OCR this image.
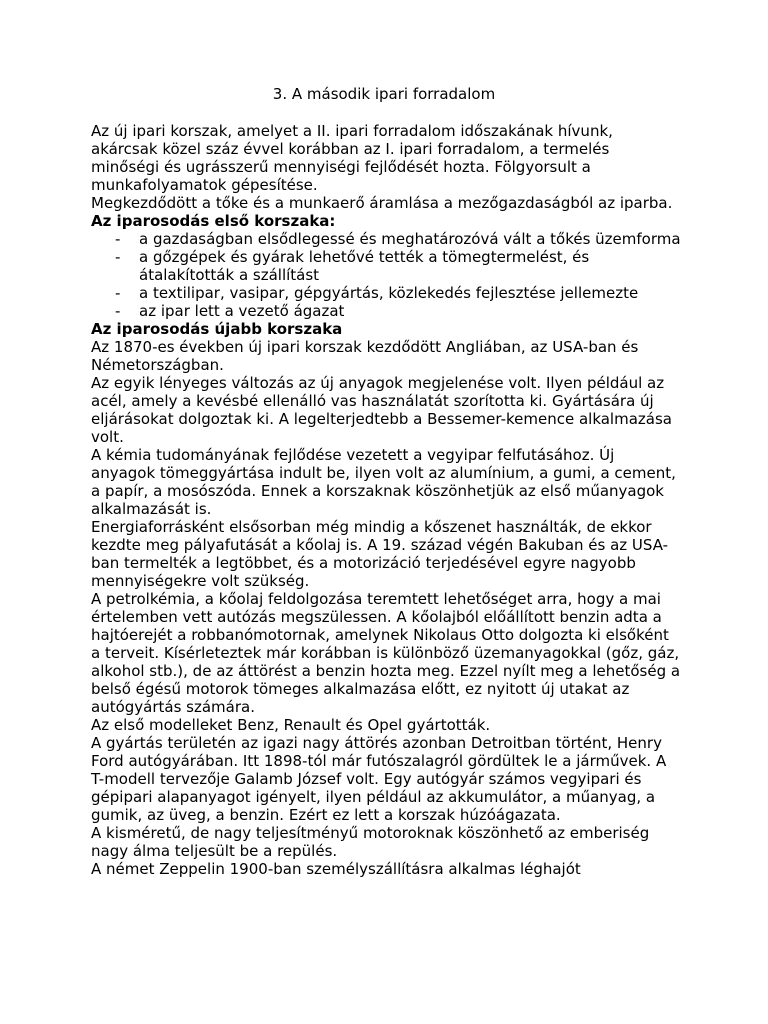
3. A második ipari forradalom

Az új ipari korszak, amelyet a II. ipari forradalom időszakának hívunk, akárcsak közel száz évvel korábban az I. ipari forradalom, a termelés minőségi és ugrásszerű mennyiségi fejlődését hozta. Fölgyorsult a munkafolyamatok gépesítése.

Megkezdődött a tőke és a munkaerő áramlása a mezőgazdaságból az iparba.

Az iparosodás első korszaka:
- a gazdaságban elsődlegessé és meghatározóvá vált a tőkés üzemforma
- a gőzgépek és gyárak lehetővé tették a tömegtermelést, és átalakították a szállítást
- a textilipar, vasipar, gépgyártás, közlekedés fejlesztése jellemezte
- az ipar lett a vezető ágazat
Az iparosodás újabb korszaka

Az 1870-es években új ipari korszak kezdődött Angliában, az USA-ban és Németországban.

Az egyik lényeges változás az új anyagok megjelenése volt. Ilyen például az acél, amely a kevésbé ellenálló vas használatát szorította ki. Gyártására új eljárásokat dolgoztak ki. A legelterjedtebb a Bessemer-kemence alkalmazása volt.

A kémia tudományának fejlődése vezetett a vegyipar felfutásához. Új anyagok tömeggyártása indult be, ilyen volt az alumínium, a gumi, a cement, a papír, a mosószóda. Ennek a korszaknak köszönhetjük az első műanyagok alkalmazását is.

Energiaforrásként elsősorban még mindig a kőszenet használták, de ekkor kezdte meg pályafutását a kőolaj is. A 19. század végén Bakuban és az USA-ban termelték a legtöbbet, és a motorizáció terjedésével egyre nagyobb mennyiségekre volt szükség.

A petrolkémia, a kőolaj feldolgozása teremtett lehetőséget arra, hogy a mai értelemben vett autózás megszülessen. A kőolajból előállított benzin adta a hajtóerejét a robbanómotornak, amelynek Nikolaus Otto dolgozta ki elsőként a terveit. Kísérleteztek már korábban is különböző üzemanyagokkal (gőz, gáz, alkohol stb.), de az áttörést a benzin hozta meg. Ezzel nyílt meg a lehetőség a belső égésű motorok tömeges alkalmazása előtt, ez nyitott új utakat az autógyártás számára.

Az első modelleket Benz, Renault és Opel gyártották.

A gyártás területén az igazi nagy áttörés azonban Detroitban történt, Henry Ford autógyárában. Itt 1898-tól már futószalagról gördültek le a járművek. A T-modell tervezője Galamb József volt. Egy autógyár számos vegyipari és gépipari alapanyagot igényelt, ilyen például az akkumulátor, a műanyag, a gumik, az üveg, a benzin. Ezért ez lett a korszak húzóágazata.

A kisméretű, de nagy teljesítményű motoroknak köszönhető az emberiség nagy álma teljesült be a repülés.

A német Zeppelin 1900-ban személyszállításra alkalmas léghajót
